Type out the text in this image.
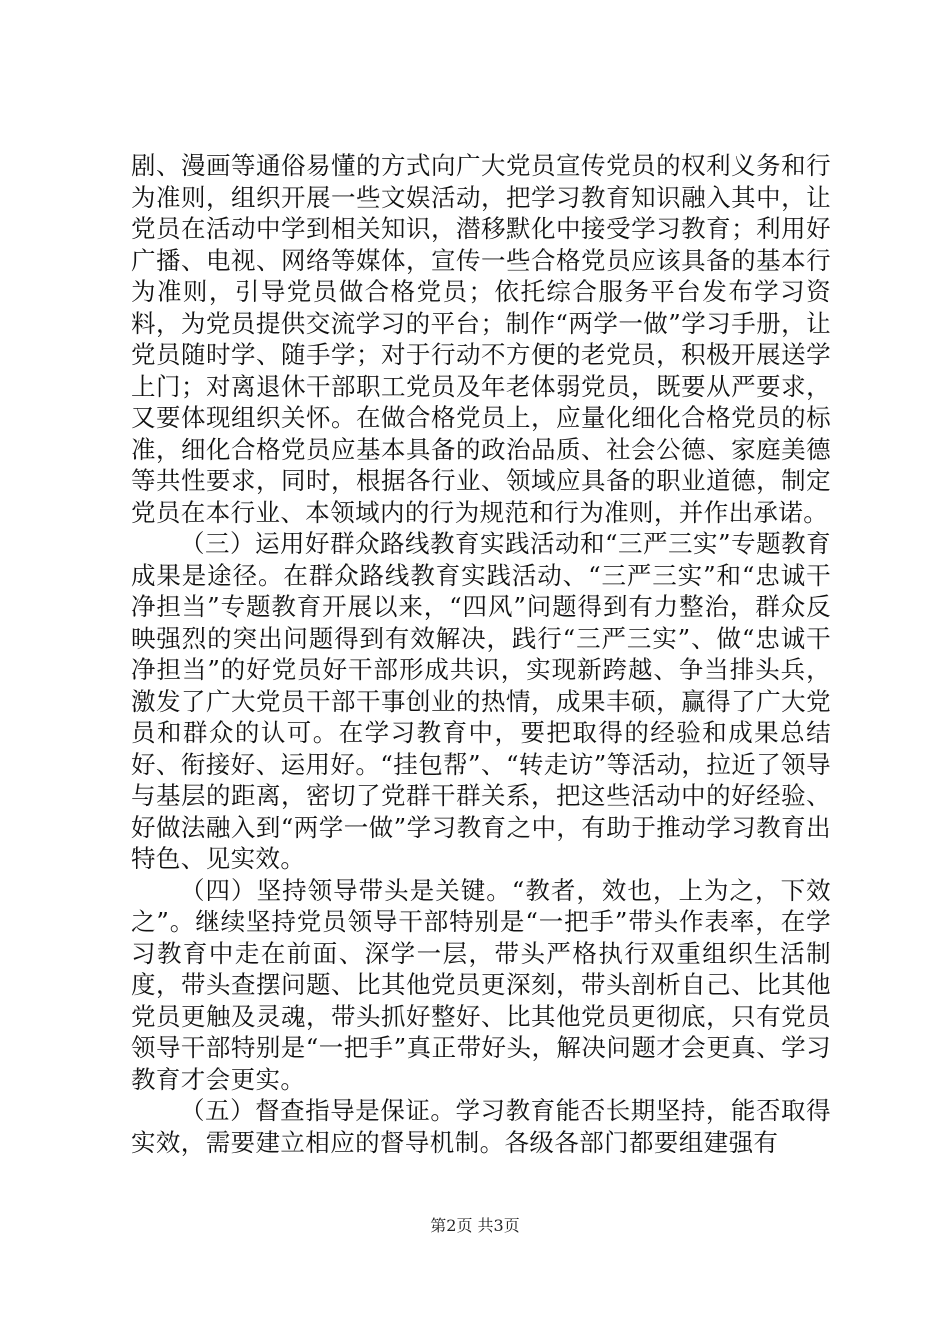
剧、漫画等通俗易懂的方式向广大党员宣传党员的权利义务和行为准则，组织开展一些文娱活动，把学习教育知识融入其中，让党员在活动中学到相关知识，潜移默化中接受学习教育；利用好广播、电视、网络等媒体，宣传一些合格党员应该具备的基本行为准则，引导党员做合格党员；依托综合服务平台发布学习资料，为党员提供交流学习的平台；制作“两学一做”学习手册，让党员随时学、随手学；对于行动不方便的老党员，积极开展送学上门；对离退休干部职工党员及年老体弱党员，既要从严要求，又要体现组织关怀。在做合格党员上，应量化细化合格党员的标准，细化合格党员应基本具备的政治品质、社会公德、家庭美德等共性要求，同时，根据各行业、领域应具备的职业道德，制定党员在本行业、本领域内的行为规范和行为准则，并作出承诺。

（三）运用好群众路线教育实践活动和“三严三实”专题教育成果是途径。在群众路线教育实践活动、“三严三实”和“忠诚干净担当”专题教育开展以来，“四风”问题得到有力整治，群众反映强烈的突出问题得到有效解决，践行“三严三实”、做“忠诚干净担当”的好党员好干部形成共识，实现新跨越、争当排头兵，激发了广大党员干部干事创业的热情，成果丰硕，赢得了广大党员和群众的认可。在学习教育中，要把取得的经验和成果总结好、衔接好、运用好。“挂包帮”、“转走访”等活动，拉近了领导与基层的距离，密切了党群干群关系，把这些活动中的好经验、好做法融入到“两学一做”学习教育之中，有助于推动学习教育出特色、见实效。

（四）坚持领导带头是关键。“教者，效也，上为之，下效之”。继续坚持党员领导干部特别是“一把手”带头作表率，在学习教育中走在前面、深学一层，带头严格执行双重组织生活制度，带头查摆问题、比其他党员更深刻，带头剖析自己、比其他党员更触及灵魂，带头抓好整好、比其他党员更彻底，只有党员领导干部特别是“一把手”真正带好头，解决问题才会更真、学习教育才会更实。

（五）督查指导是保证。学习教育能否长期坚持，能否取得实效，需要建立相应的督导机制。各级各部门都要组建强有

第2页 共3页
